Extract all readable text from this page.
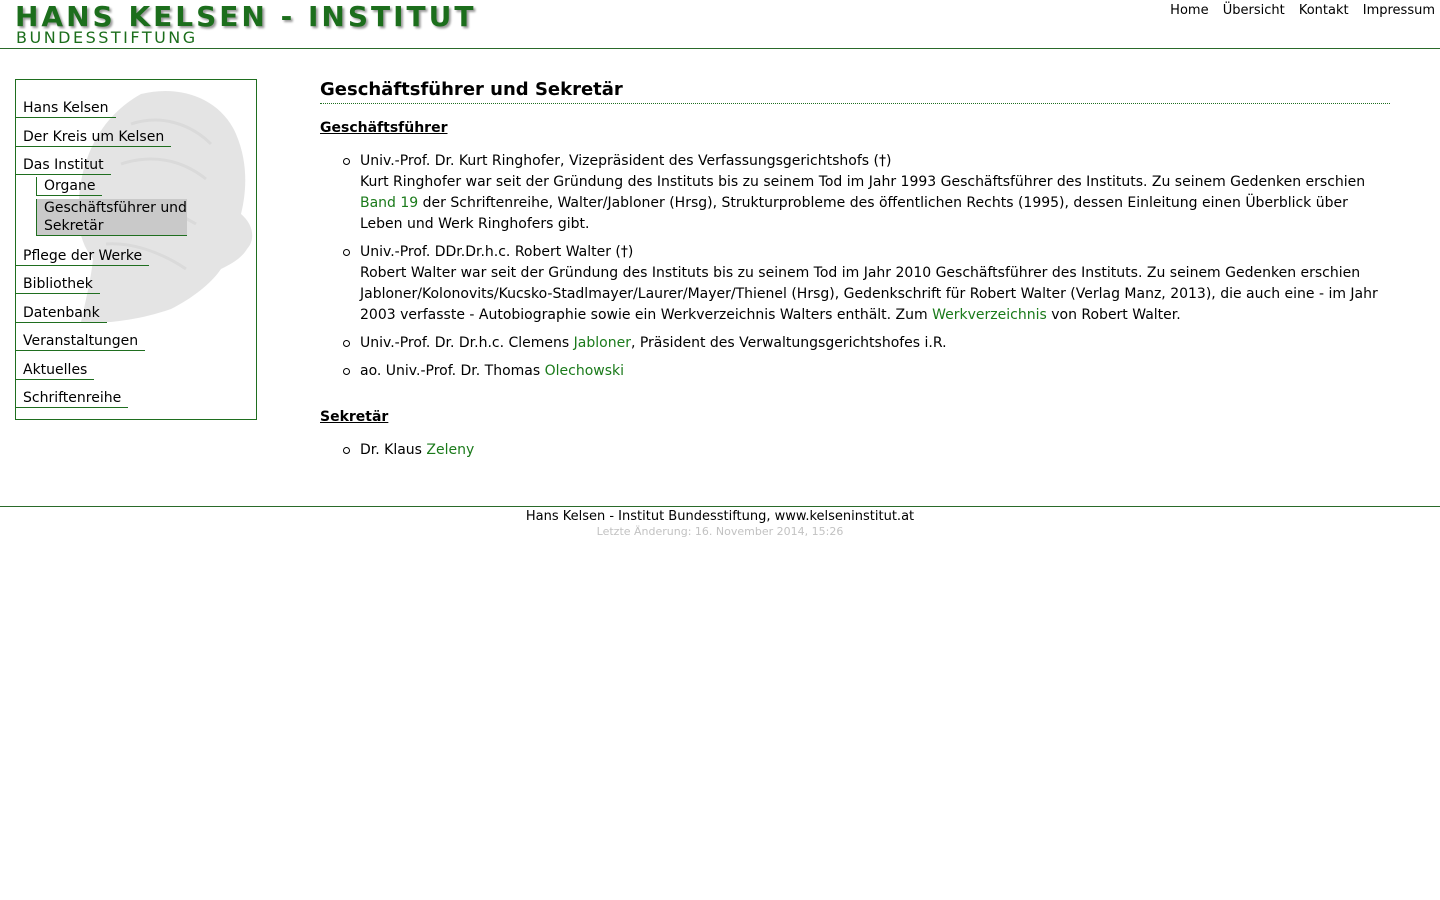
HANS KELSEN - INSTITUT
BUNDESSTIFTUNG
Home Übersicht Kontakt Impressum
Hans Kelsen
Der Kreis um Kelsen
Das Institut
Organe
Geschäftsführer und Sekretär
Pflege der Werke
Bibliothek
Datenbank
Veranstaltungen
Aktuelles
Schriftenreihe
Geschäftsführer und Sekretär
Geschäftsführer
Univ.-Prof. Dr. Kurt Ringhofer, Vizepräsident des Verfassungsgerichtshofs (†)
Kurt Ringhofer war seit der Gründung des Instituts bis zu seinem Tod im Jahr 1993 Geschäftsführer des Instituts. Zu seinem Gedenken erschien Band 19 der Schriftenreihe, Walter/Jabloner (Hrsg), Strukturprobleme des öffentlichen Rechts (1995), dessen Einleitung einen Überblick über Leben und Werk Ringhofers gibt.
Univ.-Prof. DDr.Dr.h.c. Robert Walter (†)
Robert Walter war seit der Gründung des Instituts bis zu seinem Tod im Jahr 2010 Geschäftsführer des Instituts. Zu seinem Gedenken erschien Jabloner/Kolonovits/Kucsko-Stadlmayer/Laurer/Mayer/Thienel (Hrsg), Gedenkschrift für Robert Walter (Verlag Manz, 2013), die auch eine - im Jahr 2003 verfasste - Autobiographie sowie ein Werkverzeichnis Walters enthält. Zum Werkverzeichnis von Robert Walter.
Univ.-Prof. Dr. Dr.h.c. Clemens Jabloner, Präsident des Verwaltungsgerichtshofes i.R.
ao. Univ.-Prof. Dr. Thomas Olechowski
Sekretär
Dr. Klaus Zeleny
Hans Kelsen - Institut Bundesstiftung, www.kelseninstitut.at
Letzte Änderung: 16. November 2014, 15:26
